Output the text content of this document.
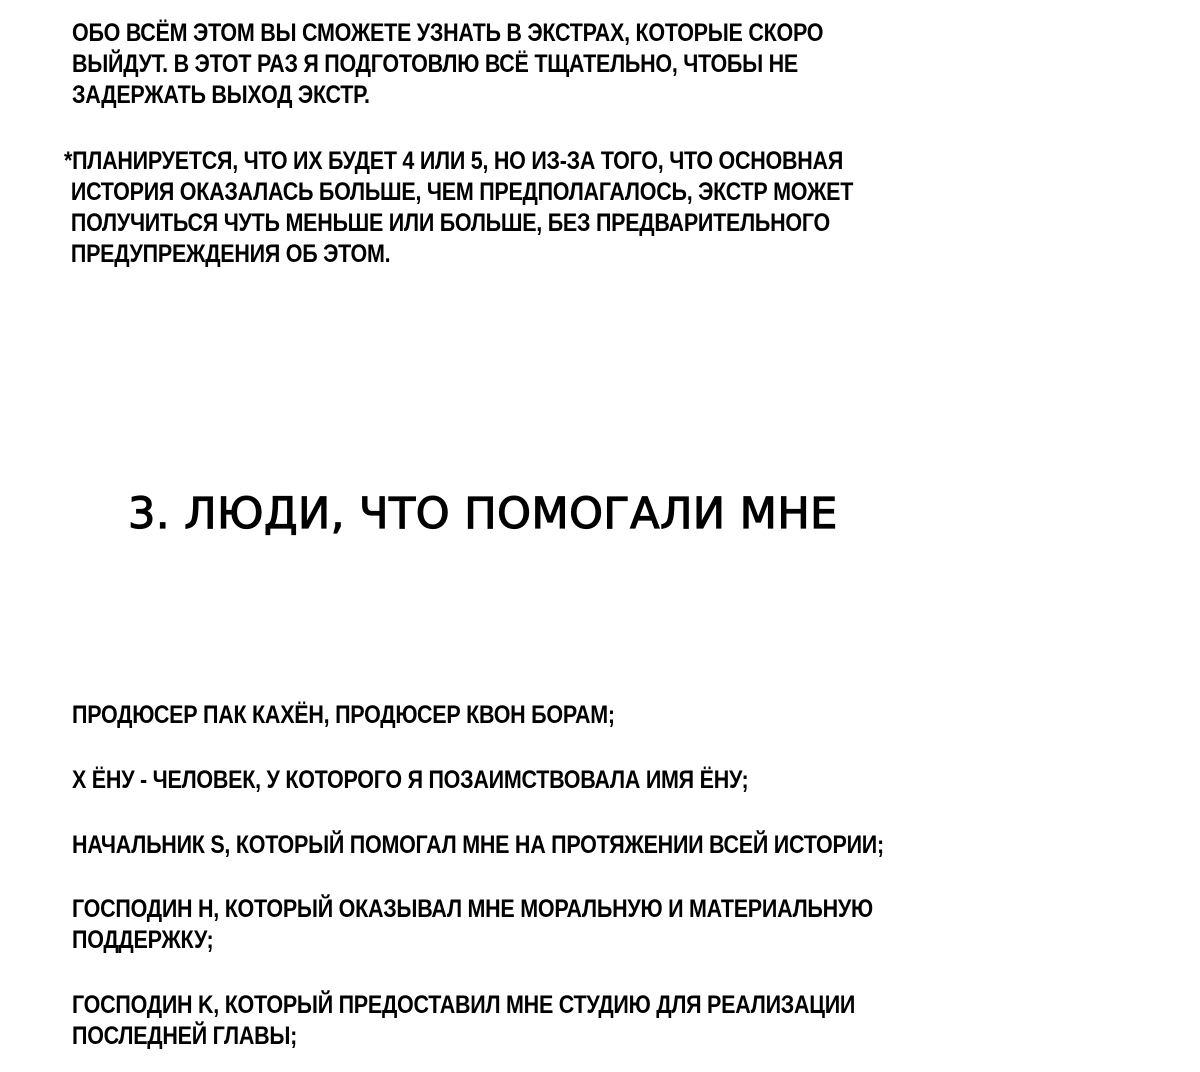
ОБО ВСЁМ ЭТОМ ВЫ СМОЖЕТЕ УЗНАТЬ В ЭКСТРАХ, КОТОРЫЕ СКОРО
ВЫЙДУТ. В ЭТОТ РАЗ Я ПОДГОТОВЛЮ ВСЁ ТЩАТЕЛЬНО, ЧТОБЫ НЕ
ЗАДЕРЖАТЬ ВЫХОД ЭКСТР.

*ПЛАНИРУЕТСЯ, ЧТО ИХ БУДЕТ 4 ИЛИ 5, НО ИЗ-ЗА ТОГО, ЧТО ОСНОВНАЯ
ИСТОРИЯ ОКАЗАЛАСЬ БОЛЬШЕ, ЧЕМ ПРЕДПОЛАГАЛОСЬ, ЭКСТР МОЖЕТ
ПОЛУЧИТЬСЯ ЧУТЬ МЕНЬШЕ ИЛИ БОЛЬШЕ, БЕЗ ПРЕДВАРИТЕЛЬНОГО
ПРЕДУПРЕЖДЕНИЯ ОБ ЭТОМ.

3. ЛЮДИ, ЧТО ПОМОГАЛИ МНЕ

ПРОДЮСЕР ПАК КАХЁН, ПРОДЮСЕР КВОН БОРАМ;

Х ЁНУ - ЧЕЛОВЕК, У КОТОРОГО Я ПОЗАИМСТВОВАЛА ИМЯ ЁНУ;

НАЧАЛЬНИК S, КОТОРЫЙ ПОМОГАЛ МНЕ НА ПРОТЯЖЕНИИ ВСЕЙ ИСТОРИИ;

ГОСПОДИН H, КОТОРЫЙ ОКАЗЫВАЛ МНЕ МОРАЛЬНУЮ И МАТЕРИАЛЬНУЮ
ПОДДЕРЖКУ;

ГОСПОДИН K, КОТОРЫЙ ПРЕДОСТАВИЛ МНЕ СТУДИЮ ДЛЯ РЕАЛИЗАЦИИ
ПОСЛЕДНЕЙ ГЛАВЫ;
